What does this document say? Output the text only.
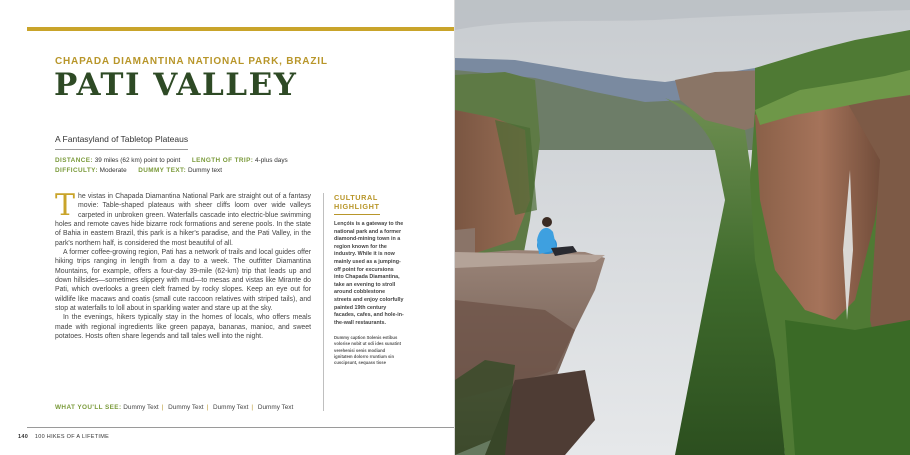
CHAPADA DIAMANTINA NATIONAL PARK, BRAZIL
PATI VALLEY
A Fantasyland of Tabletop Plateaus
DISTANCE: 39 miles (62 km) point to point LENGTH OF TRIP: 4-plus days
DIFFICULTY: Moderate DUMMY TEXT: Dummy text

The vistas in Chapada Diamantina National Park are straight out of a fantasy movie: Table-shaped plateaus with sheer cliffs loom over wide valleys carpeted in unbroken green. Waterfalls cascade into electric-blue swimming holes and remote caves hide bizarre rock formations and serene pools. In the state of Bahia in eastern Brazil, this park is a hiker's paradise, and the Pati Valley, in the park's northern half, is considered the most beautiful of all.

A former coffee-growing region, Pati has a network of trails and local guides offer hiking trips ranging in length from a day to a week. The outfitter Diamantina Mountains, for example, offers a four-day 39-mile (62-km) trip that leads up and down hillsides—sometimes slippery with mud—to mesas and vistas like Mirante do Pati, which overlooks a green cleft framed by rocky slopes. Keep an eye out for wildlife like macaws and coatis (small cute raccoon relatives with striped tails), and stop at waterfalls to loll about in sparkling water and stare up at the sky.

In the evenings, hikers typically stay in the homes of locals, who offers meals made with regional ingredients like green papaya, bananas, manioc, and sweet potatoes. Hosts often share legends and tall tales well into the night.

CULTURAL HIGHLIGHT
Lençóis is a gateway to the national park and a former diamond-mining town in a region known for the industry. While it is now mainly used as a jumping-off point for excursions into Chapada Diamantina, take an evening to stroll around cobblestone streets and enjoy colorfully painted 19th century facades, cafes, and hole-in-the-wall restaurants.
Dummy caption Solenis estibus volorise nobit ut odi ides sunatint verehenisi senis modiand ignitatem dolorro rruntium sin cuscipsunt, sequass tisse
WHAT YOU'LL SEE: Dummy Text | Dummy Text | Dummy Text | Dummy Text
140 100 HIKES OF A LIFETIME
